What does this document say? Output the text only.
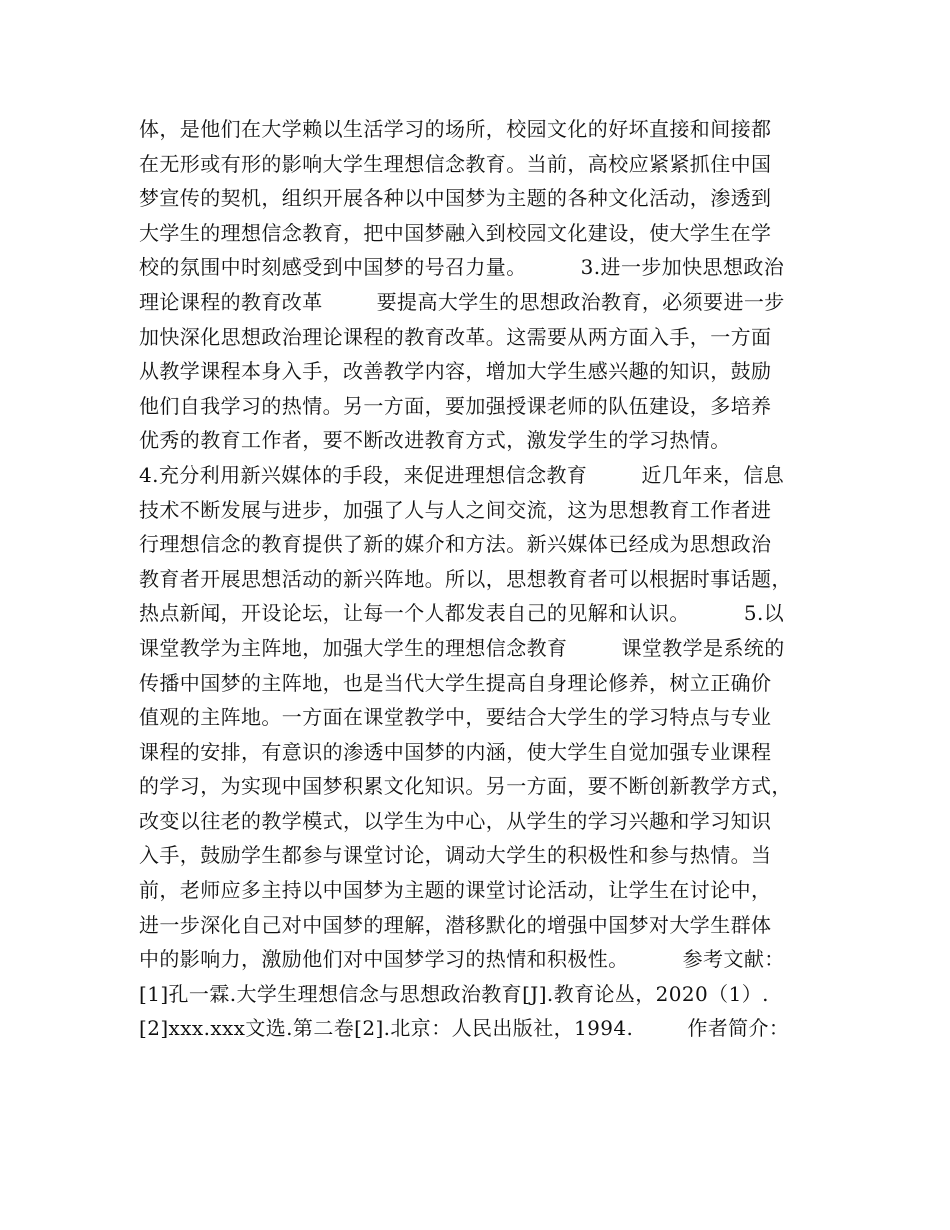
体，是他们在大学赖以生活学习的场所，校园文化的好坏直接和间接都
在无形或有形的影响大学生理想信念教育。当前，高校应紧紧抓住中国
梦宣传的契机，组织开展各种以中国梦为主题的各种文化活动，渗透到
大学生的理想信念教育，把中国梦融入到校园文化建设，使大学生在学
校的氛围中时刻感受到中国梦的号召力量。        3.进一步加快思想政治
理论课程的教育改革        要提高大学生的思想政治教育，必须要进一步
加快深化思想政治理论课程的教育改革。这需要从两方面入手，一方面
从教学课程本身入手，改善教学内容，增加大学生感兴趣的知识，鼓励
他们自我学习的热情。另一方面，要加强授课老师的队伍建设，多培养
优秀的教育工作者，要不断改进教育方式，激发学生的学习热情。
4.充分利用新兴媒体的手段，来促进理想信念教育        近几年来，信息
技术不断发展与进步，加强了人与人之间交流，这为思想教育工作者进
行理想信念的教育提供了新的媒介和方法。新兴媒体已经成为思想政治
教育者开展思想活动的新兴阵地。所以，思想教育者可以根据时事话题，
热点新闻，开设论坛，让每一个人都发表自己的见解和认识。        5.以
课堂教学为主阵地，加强大学生的理想信念教育        课堂教学是系统的
传播中国梦的主阵地，也是当代大学生提高自身理论修养，树立正确价
值观的主阵地。一方面在课堂教学中，要结合大学生的学习特点与专业
课程的安排，有意识的渗透中国梦的内涵，使大学生自觉加强专业课程
的学习，为实现中国梦积累文化知识。另一方面，要不断创新教学方式，
改变以往老的教学模式，以学生为中心，从学生的学习兴趣和学习知识
入手，鼓励学生都参与课堂讨论，调动大学生的积极性和参与热情。当
前，老师应多主持以中国梦为主题的课堂讨论活动，让学生在讨论中，
进一步深化自己对中国梦的理解，潜移默化的增强中国梦对大学生群体
中的影响力，激励他们对中国梦学习的热情和积极性。        参考文献：
[1]孔一霖.大学生理想信念与思想政治教育[J].教育论丛，2020（1）.
[2]xxx.xxx文选.第二卷[2].北京：人民出版社，1994.        作者简介：
